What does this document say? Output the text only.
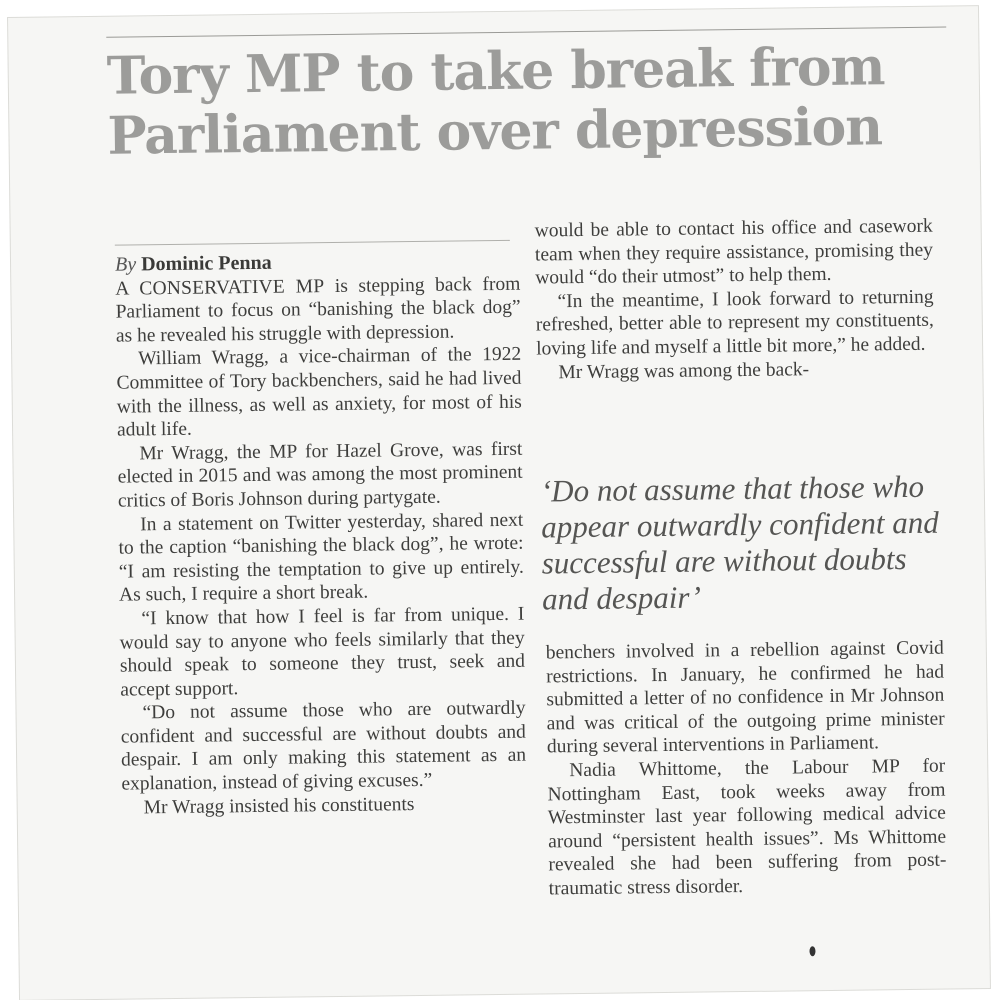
Tory MP to take break from Parliament over depression

By Dominic Penna

A CONSERVATIVE MP is stepping back from Parliament to focus on “banishing the black dog” as he revealed his struggle with depression.

William Wragg, a vice-chairman of the 1922 Committee of Tory backbenchers, said he had lived with the illness, as well as anxiety, for most of his adult life.

Mr Wragg, the MP for Hazel Grove, was first elected in 2015 and was among the most prominent critics of Boris Johnson during partygate.

In a statement on Twitter yesterday, shared next to the caption “banishing the black dog”, he wrote: “I am resisting the temptation to give up entirely. As such, I require a short break.

“I know that how I feel is far from unique. I would say to anyone who feels similarly that they should speak to someone they trust, seek and accept support.

“Do not assume those who are outwardly confident and successful are without doubts and despair. I am only making this statement as an explanation, instead of giving excuses.”

Mr Wragg insisted his constituents

would be able to contact his office and casework team when they require assistance, promising they would “do their utmost” to help them.

“In the meantime, I look forward to returning refreshed, better able to represent my constituents, loving life and myself a little bit more,” he added.

Mr Wragg was among the back-

‘Do not assume that those who appear outwardly confident and successful are without doubts and despair’

benchers involved in a rebellion against Covid restrictions. In January, he confirmed he had submitted a letter of no confidence in Mr Johnson and was critical of the outgoing prime minister during several interventions in Parliament.

Nadia Whittome, the Labour MP for Nottingham East, took weeks away from Westminster last year following medical advice around “persistent health issues”. Ms Whittome revealed she had been suffering from post-traumatic stress disorder.
